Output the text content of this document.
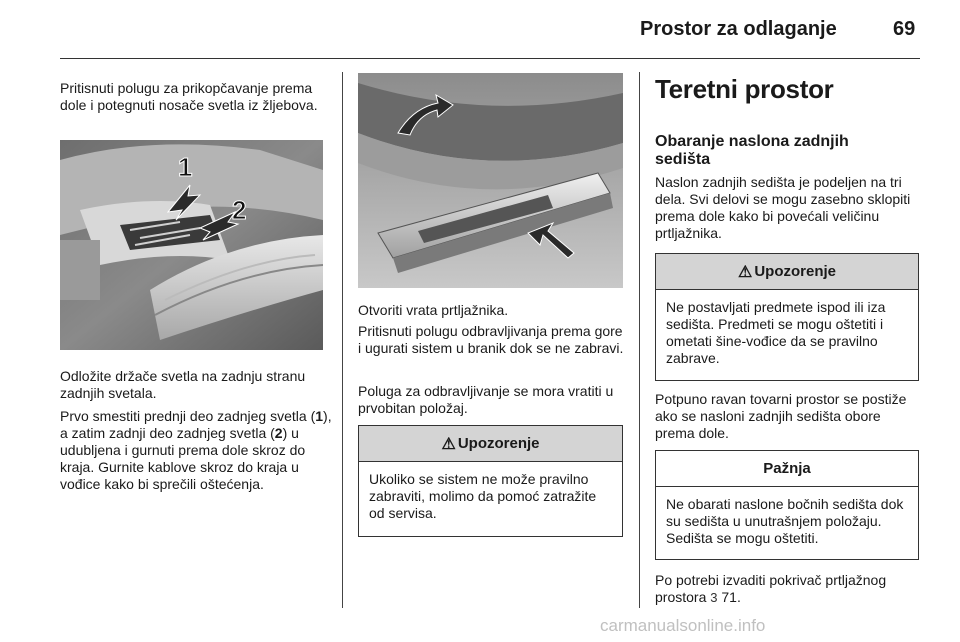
Prostor za odlaganje	69
Pritisnuti polugu za prikopčavanje prema dole i potegnuti nosače svetla iz žljebova.
1
2
Odložite držače svetla na zadnju stranu zadnjih svetala.
Prvo smestiti prednji deo zadnjeg svetla (1), a zatim zadnji deo zadnjeg svetla (2) u udubljena i gurnuti prema dole skroz do kraja. Gurnite kablove skroz do kraja u vođice kako bi sprečili oštećenja.
Otvoriti vrata prtljažnika.
Pritisnuti polugu odbravljivanja prema gore i ugurati sistem u branik dok se ne zabravi.
Poluga za odbravljivanje se mora vratiti u prvobitan položaj.
⚠ Upozorenje
Ukoliko se sistem ne može pravilno zabraviti, molimo da pomoć zatražite od servisa.
Teretni prostor
Obaranje naslona zadnjih sedišta
Naslon zadnjih sedišta je podeljen na tri dela. Svi delovi se mogu zasebno sklopiti prema dole kako bi povećali veličinu prtljažnika.
⚠ Upozorenje
Ne postavljati predmete ispod ili iza sedišta. Predmeti se mogu oštetiti i ometati šine-vođice da se pravilno zabrave.
Potpuno ravan tovarni prostor se postiže ako se nasloni zadnjih sedišta obore prema dole.
Pažnja
Ne obarati naslone bočnih sedišta dok su sedišta u unutrašnjem položaju. Sedišta se mogu oštetiti.
Po potrebi izvaditi pokrivač prtljažnog prostora 3 71.
carmanualsonline.info
